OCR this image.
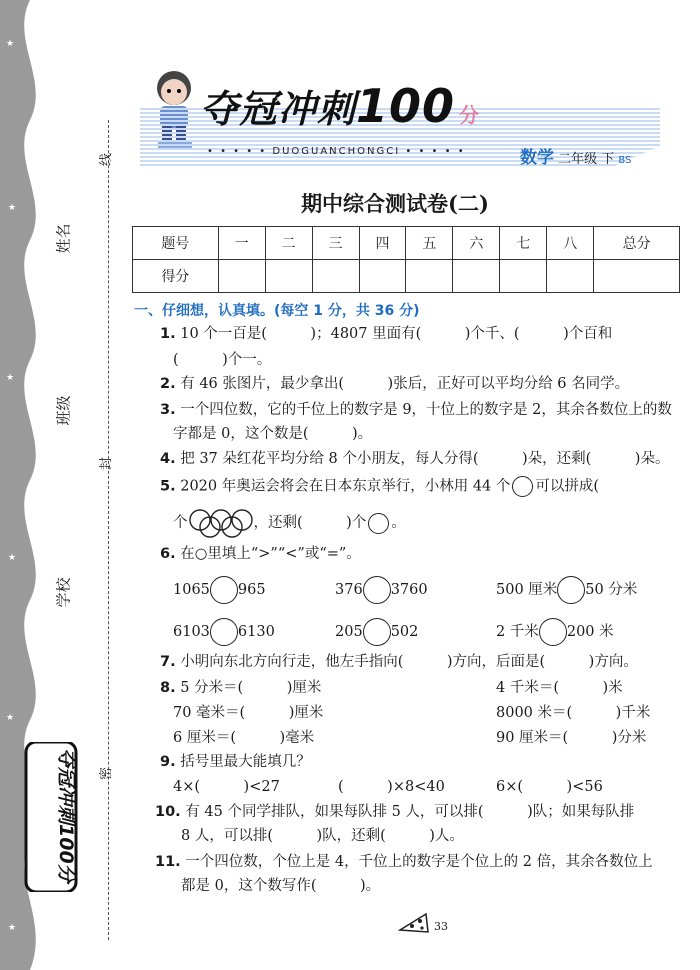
★
★
★
★
★
★
姓名
班级
学校
线
封
密
夺冠冲刺100分
夺冠冲刺100 分
• • • • • DUOGUANCHONGCI • • • • •	数学 二年级 下 BS
期中综合测试卷(二)
题号	一	二	三	四	五	六	七	八	总分
得分									
一、仔细想，认真填。(每空 1 分，共 36 分)
1. 10 个一百是(　　　)；4807 里面有(　　　)个千、(　　　)个百和
(　　　)个一。
2. 有 46 张图片，最少拿出(　　　)张后，正好可以平均分给 6 名同学。
3. 一个四位数，它的千位上的数字是 9，十位上的数字是 2，其余各数位上的数
字都是 0，这个数是(　　　)。
4. 把 37 朵红花平均分给 8 个小朋友，每人分得(　　　)朵，还剩(　　　)朵。
5. 2020 年奥运会将会在日本东京举行，小林用 44 个 可以拼成(
个	，还剩(　　　)个 。
6. 在○里填上“>”“<”或“=”。
1065 965	376 3760	500 厘米 50 分米
6103 6130	205 502	2 千米 200 米
7. 小明向东北方向行走，他左手指向(　　　)方向，后面是(　　　)方向。
8. 5 分米＝(　　　)厘米	4 千米＝(　　　)米
70 毫米＝(　　　)厘米	8000 米＝(　　　)千米
6 厘米＝(　　　)毫米	90 厘米＝(　　　)分米
9. 括号里最大能填几？
4×(　　　)<27	(　　　)×8<40	6×(　　　)<56
10. 有 45 个同学排队，如果每队排 5 人，可以排(　　　)队；如果每队排
8 人，可以排(　　　)队，还剩(　　　)人。
11. 一个四位数，个位上是 4，千位上的数字是个位上的 2 倍，其余各数位上
都是 0，这个数写作(　　　)。
33
